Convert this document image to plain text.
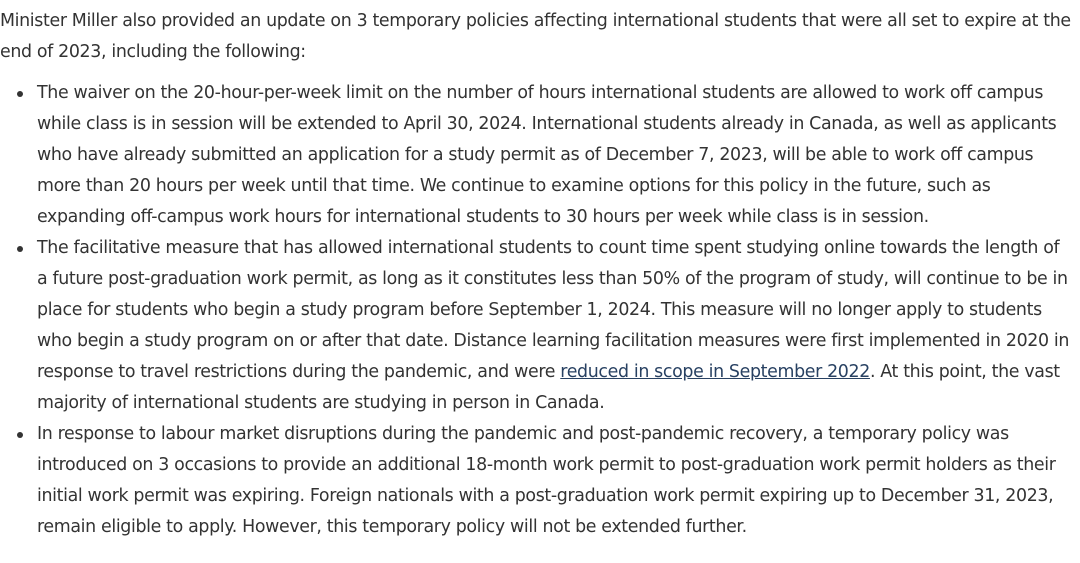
Minister Miller also provided an update on 3 temporary policies affecting international students that were all set to expire at the end of 2023, including the following:

The waiver on the 20-hour-per-week limit on the number of hours international students are allowed to work off campus while class is in session will be extended to April 30, 2024. International students already in Canada, as well as applicants who have already submitted an application for a study permit as of December 7, 2023, will be able to work off campus more than 20 hours per week until that time. We continue to examine options for this policy in the future, such as expanding off-campus work hours for international students to 30 hours per week while class is in session.
The facilitative measure that has allowed international students to count time spent studying online towards the length of a future post-graduation work permit, as long as it constitutes less than 50% of the program of study, will continue to be in place for students who begin a study program before September 1, 2024. This measure will no longer apply to students who begin a study program on or after that date. Distance learning facilitation measures were first implemented in 2020 in response to travel restrictions during the pandemic, and were reduced in scope in September 2022. At this point, the vast majority of international students are studying in person in Canada.
In response to labour market disruptions during the pandemic and post-pandemic recovery, a temporary policy was introduced on 3 occasions to provide an additional 18-month work permit to post-graduation work permit holders as their initial work permit was expiring. Foreign nationals with a post-graduation work permit expiring up to December 31, 2023, remain eligible to apply. However, this temporary policy will not be extended further.
